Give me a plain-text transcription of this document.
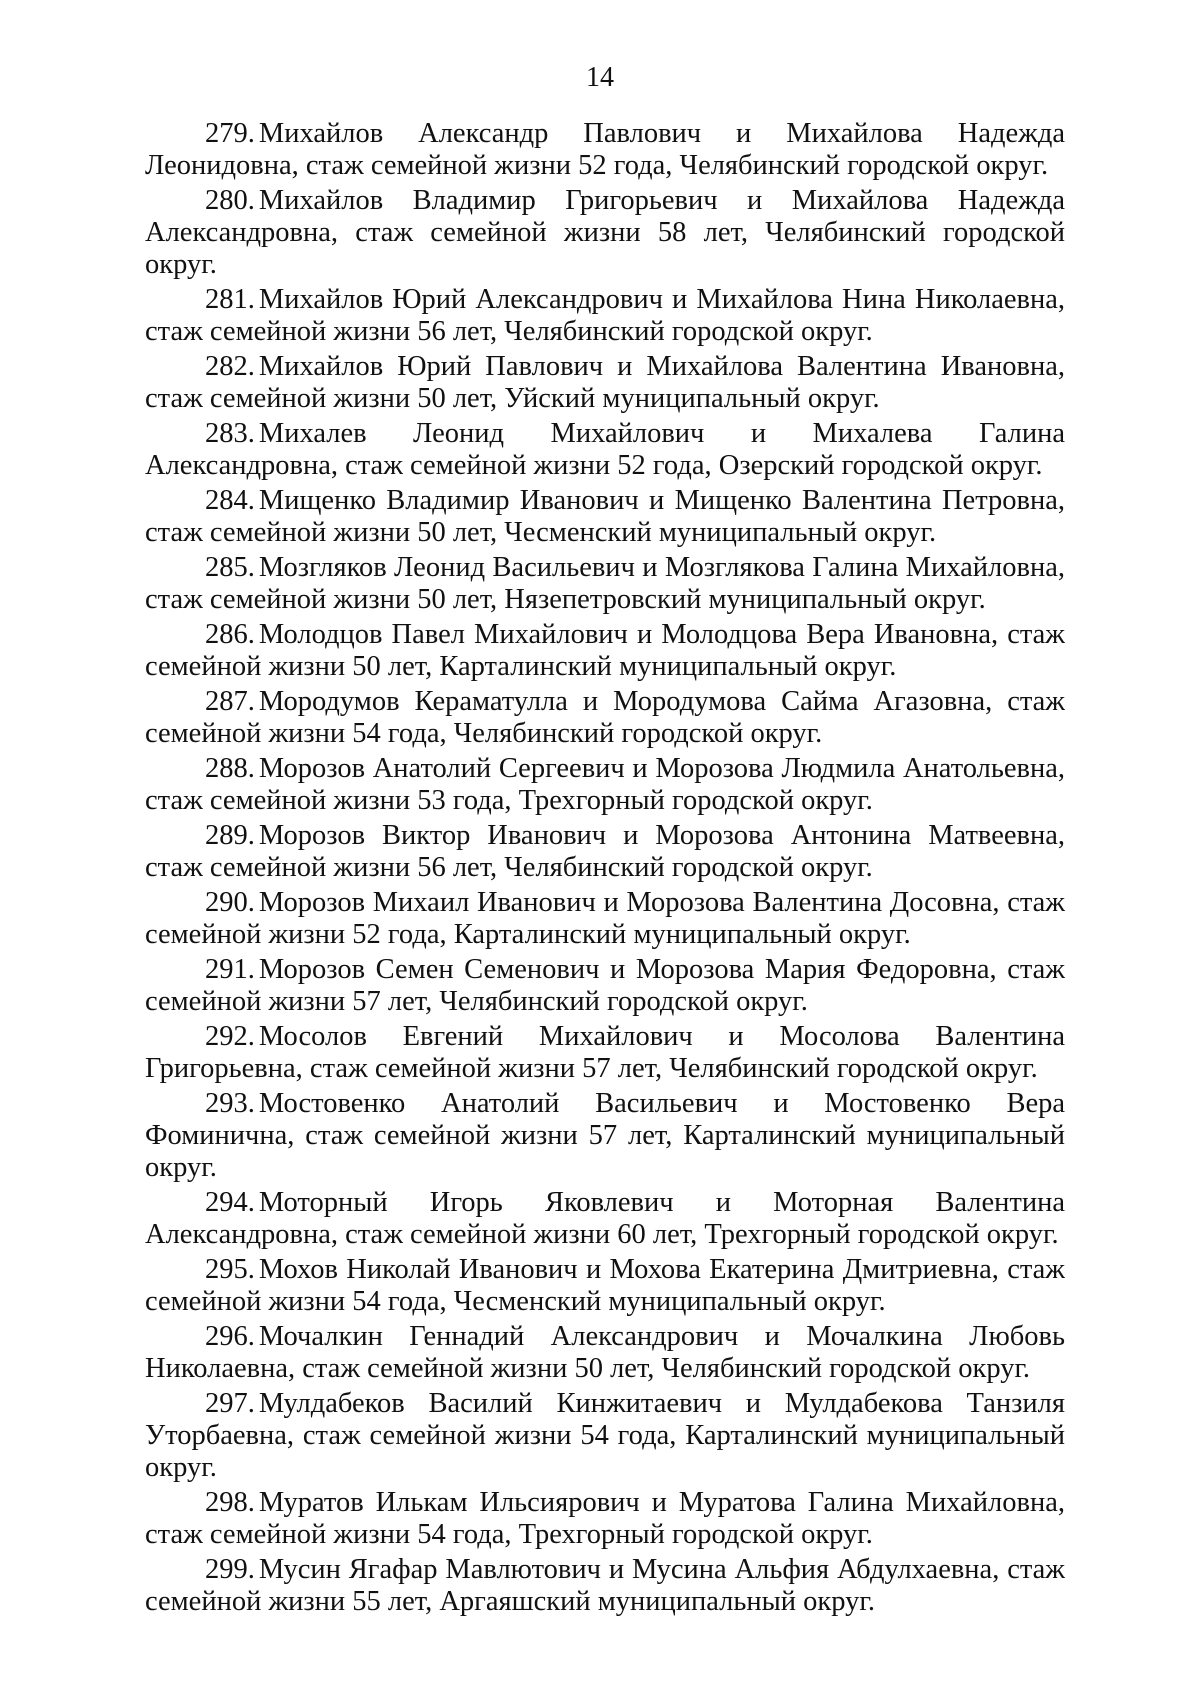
14
279. Михайлов Александр Павлович и Михайлова Надежда Леонидовна, стаж семейной жизни 52 года, Челябинский городской округ.
280. Михайлов Владимир Григорьевич и Михайлова Надежда Александровна, стаж семейной жизни 58 лет, Челябинский городской округ.
281. Михайлов Юрий Александрович и Михайлова Нина Николаевна, стаж семейной жизни 56 лет, Челябинский городской округ.
282. Михайлов Юрий Павлович и Михайлова Валентина Ивановна, стаж семейной жизни 50 лет, Уйский муниципальный округ.
283. Михалев Леонид Михайлович и Михалева Галина Александровна, стаж семейной жизни 52 года, Озерский городской округ.
284. Мищенко Владимир Иванович и Мищенко Валентина Петровна, стаж семейной жизни 50 лет, Чесменский муниципальный округ.
285. Мозгляков Леонид Васильевич и Мозглякова Галина Михайловна, стаж семейной жизни 50 лет, Нязепетровский муниципальный округ.
286. Молодцов Павел Михайлович и Молодцова Вера Ивановна, стаж семейной жизни 50 лет, Карталинский муниципальный округ.
287. Мородумов Кераматулла и Мородумова Сайма Агазовна, стаж семейной жизни 54 года, Челябинский городской округ.
288. Морозов Анатолий Сергеевич и Морозова Людмила Анатольевна, стаж семейной жизни 53 года, Трехгорный городской округ.
289. Морозов Виктор Иванович и Морозова Антонина Матвеевна, стаж семейной жизни 56 лет, Челябинский городской округ.
290. Морозов Михаил Иванович и Морозова Валентина Досовна, стаж семейной жизни 52 года, Карталинский муниципальный округ.
291. Морозов Семен Семенович и Морозова Мария Федоровна, стаж семейной жизни 57 лет, Челябинский городской округ.
292. Мосолов Евгений Михайлович и Мосолова Валентина Григорьевна, стаж семейной жизни 57 лет, Челябинский городской округ.
293. Мостовенко Анатолий Васильевич и Мостовенко Вера Фоминична, стаж семейной жизни 57 лет, Карталинский муниципальный округ.
294. Моторный Игорь Яковлевич и Моторная Валентина Александровна, стаж семейной жизни 60 лет, Трехгорный городской округ.
295. Мохов Николай Иванович и Мохова Екатерина Дмитриевна, стаж семейной жизни 54 года, Чесменский муниципальный округ.
296. Мочалкин Геннадий Александрович и Мочалкина Любовь Николаевна, стаж семейной жизни 50 лет, Челябинский городской округ.
297. Мулдабеков Василий Кинжитаевич и Мулдабекова Танзиля Уторбаевна, стаж семейной жизни 54 года, Карталинский муниципальный округ.
298. Муратов Илькам Ильсиярович и Муратова Галина Михайловна, стаж семейной жизни 54 года, Трехгорный городской округ.
299. Мусин Ягафар Мавлютович и Мусина Альфия Абдулхаевна, стаж семейной жизни 55 лет, Аргаяшский муниципальный округ.
